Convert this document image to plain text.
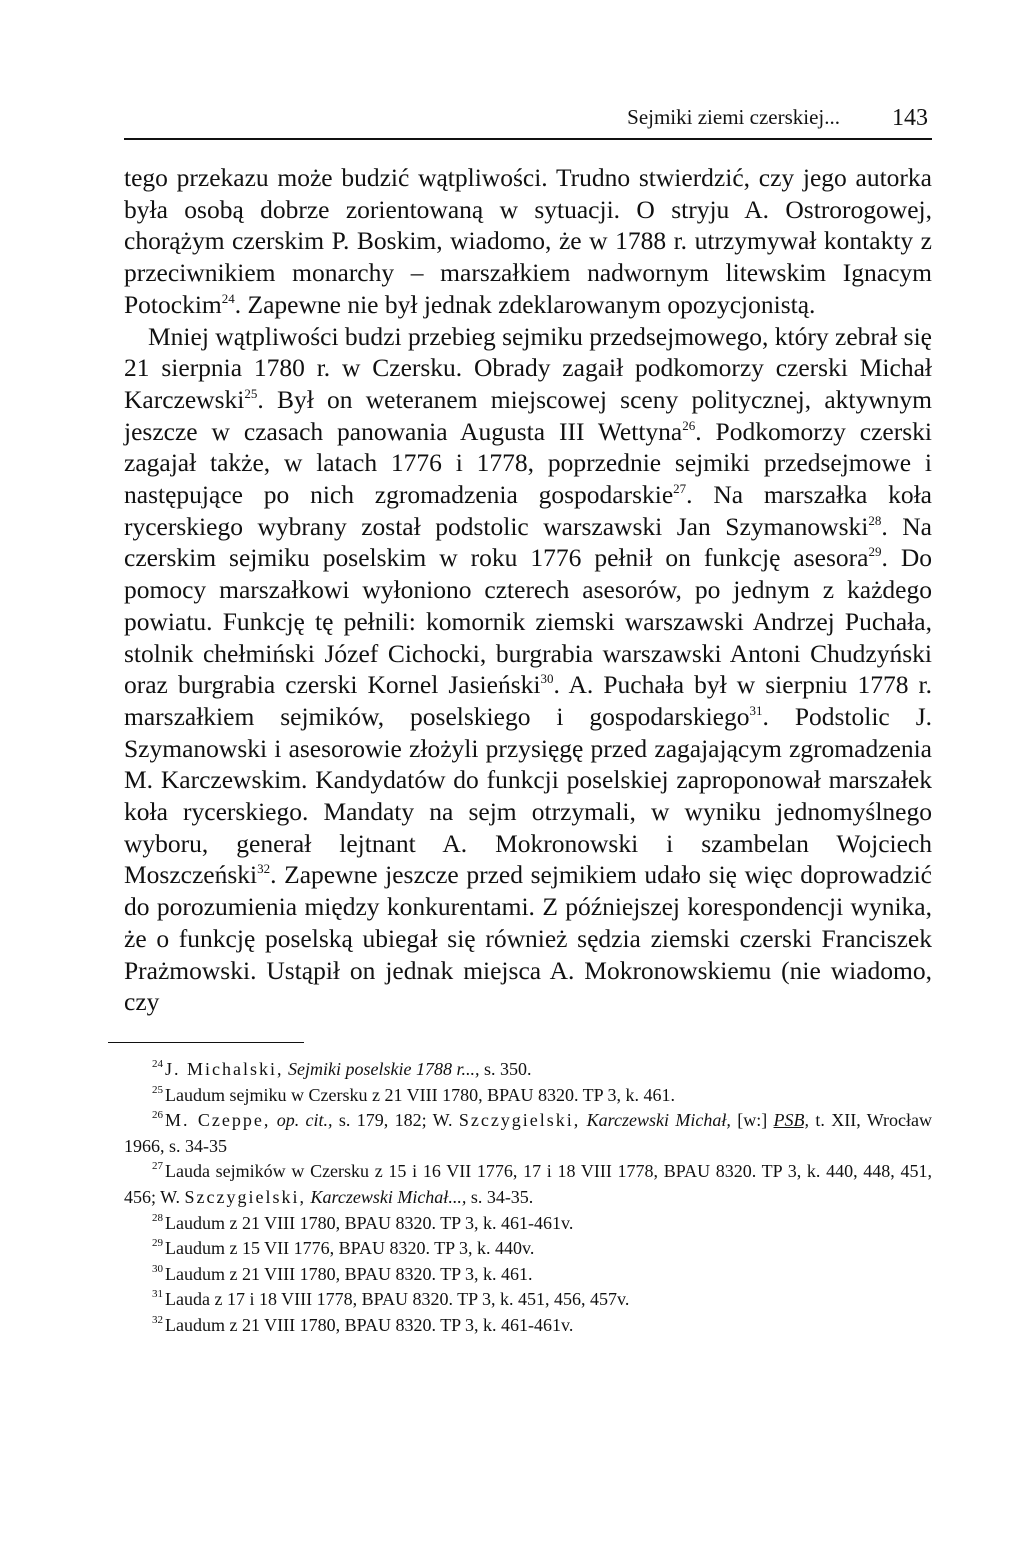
Sejmiki ziemi czerskiej... 143

tego przekazu może budzić wątpliwości. Trudno stwierdzić, czy jego autorka była osobą dobrze zorientowaną w sytuacji. O stryju A. Ostrorogowej, chorążym czerskim P. Boskim, wiadomo, że w 1788 r. utrzymywał kontakty z przeciwnikiem monarchy – marszałkiem nadwornym litewskim Ignacym Potockim$^{24}$. Zapewne nie był jednak zdeklarowanym opozycjonistą.

Mniej wątpliwości budzi przebieg sejmiku przedsejmowego, który zebrał się 21 sierpnia 1780 r. w Czersku. Obrady zagaił podkomorzy czerski Michał Karczewski$^{25}$. Był on weteranem miejscowej sceny politycznej, aktywnym jeszcze w czasach panowania Augusta III Wettyna$^{26}$. Podkomorzy czerski zagajał także, w latach 1776 i 1778, poprzednie sejmiki przedsejmowe i następujące po nich zgromadzenia gospodarskie$^{27}$. Na marszałka koła rycerskiego wybrany został podstolic warszawski Jan Szymanowski$^{28}$. Na czerskim sejmiku poselskim w roku 1776 pełnił on funkcję asesora$^{29}$. Do pomocy marszałkowi wyłoniono czterech asesorów, po jednym z każdego powiatu. Funkcję tę pełnili: komornik ziemski warszawski Andrzej Puchała, stolnik chełmiński Józef Cichocki, burgrabia warszawski Antoni Chudzyński oraz burgrabia czerski Kornel Jasieński$^{30}$. A. Puchała był w sierpniu 1778 r. marszałkiem sejmików, poselskiego i gospodarskiego$^{31}$. Podstolic J. Szymanowski i asesorowie złożyli przysięgę przed zagajającym zgromadzenia M. Karczewskim. Kandydatów do funkcji poselskiej zaproponował marszałek koła rycerskiego. Mandaty na sejm otrzymali, w wyniku jednomyślnego wyboru, generał lejtnant A. Mokronowski i szambelan Wojciech Moszczeński$^{32}$. Zapewne jeszcze przed sejmikiem udało się więc doprowadzić do porozumienia między konkurentami. Z późniejszej korespondencji wynika, że o funkcję poselską ubiegał się również sędzia ziemski czerski Franciszek Prażmowski. Ustąpił on jednak miejsca A. Mokronowskiemu (nie wiadomo, czy

$^{24}$ J. Michalski, Sejmiki poselskie 1788 r..., s. 350.

$^{25}$ Laudum sejmiku w Czersku z 21 VIII 1780, BPAU 8320. TP 3, k. 461.

$^{26}$ M. Czeppe, op. cit., s. 179, 182; W. Szczygielski, Karczewski Michał, [w:] PSB, t. XII, Wrocław 1966, s. 34-35

$^{27}$ Lauda sejmików w Czersku z 15 i 16 VII 1776, 17 i 18 VIII 1778, BPAU 8320. TP 3, k. 440, 448, 451, 456; W. Szczygielski, Karczewski Michał..., s. 34-35.

$^{28}$ Laudum z 21 VIII 1780, BPAU 8320. TP 3, k. 461-461v.

$^{29}$ Laudum z 15 VII 1776, BPAU 8320. TP 3, k. 440v.

$^{30}$ Laudum z 21 VIII 1780, BPAU 8320. TP 3, k. 461.

$^{31}$ Lauda z 17 i 18 VIII 1778, BPAU 8320. TP 3, k. 451, 456, 457v.

$^{32}$ Laudum z 21 VIII 1780, BPAU 8320. TP 3, k. 461-461v.
